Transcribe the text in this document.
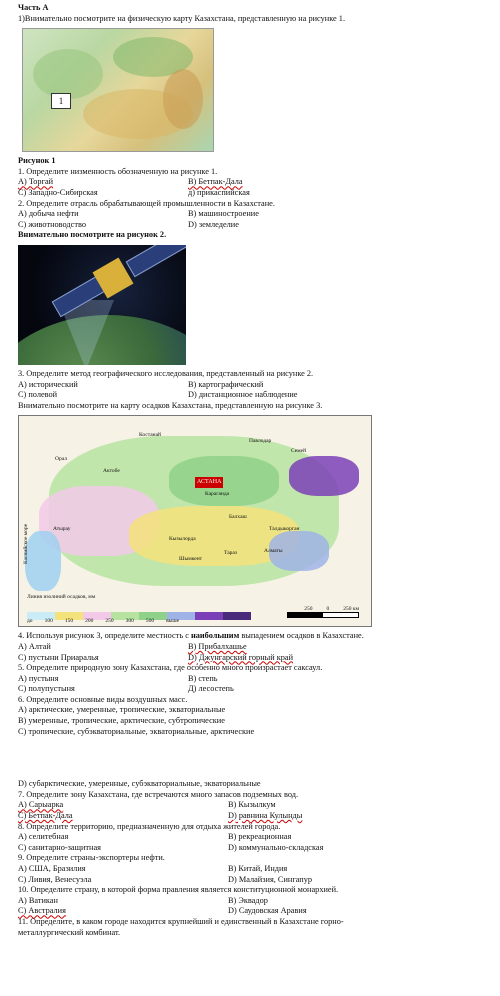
Часть А
1)Внимательно посмотрите на физическую карту Казахстана, представленную на рисунке 1.
1
Рисунок 1
1. Определите низменность обозначенную на рисунке 1.
А) Торгай	В) Бетпак-Дала
С) Западно-Сибирская	д) прикаспийская
2. Определите отрасль обрабатывающей промышленности в Казахстане.
А) добыча нефти	В) машиностроение
С) животноводство	D) земледелие
Внимательно посмотрите на рисунок 2.
3. Определите метод географического исследования, представленный на рисунке 2.
А) исторический	В) картографический
С) полевой	D) дистанционное наблюдение
Внимательно посмотрите на карту осадков Казахстана, представленную на рисунке 3.
АСТАНА
Костанай
Павлодар
Семей
Орал
Актобе
Караганда
Балхаш
Атырау
Каспийское море	Кызылорда
Талдыкорган
Шымкент
Тараз	Алматы
Линия изолиний осадков, мм
до 100 150 200 250 300 500 выше
250	0	250 км
4. Используя рисунок 3, определите местность с наибольшим выпадением осадков в Казахстане.
А) Алтай	В) Прибалхашье
С) пустыни Приаралья	D) Джунгарский горный край
5. Определите природную зону Казахстана, где особенно много произрастает саксаул.
А) пустыня	В) степь
С) полупустыня	Д) лесостепь
6. Определите основные виды воздушных масс.
А) арктические, умеренные, тропические, экваториальные
В) умеренные, тропические, арктические, субтропические
С) тропические, субэкваториальные, экваториальные, арктические
D) субарктические, умеренные, субэкваториальные, экваториальные
7. Определите зону Казахстана, где встречаются много запасов подземных вод.
А) Сарыарка	В) Кызылкум
С) Бетпак-Дала	D) равнина Кулынды
8. Определите территорию, предназначенную для отдыха жителей города.
А) селитебная	В) рекреационная
С) санитарно-защитная	D) коммунально-складская
9. Определите страны-экспортеры нефти.
А) США, Бразилия	В) Китай, Индия
С) Ливия, Венесуэла	D) Малайзия, Сингапур
10. Определите страну, в которой форма правления является конституционной монархией.
А) Ватикан	В) Эквадор
С) Австралия	D) Саудовская Аравия
11. Определите, в каком городе находится крупнейший и единственный в Казахстане горно-
металлургический комбинат.
